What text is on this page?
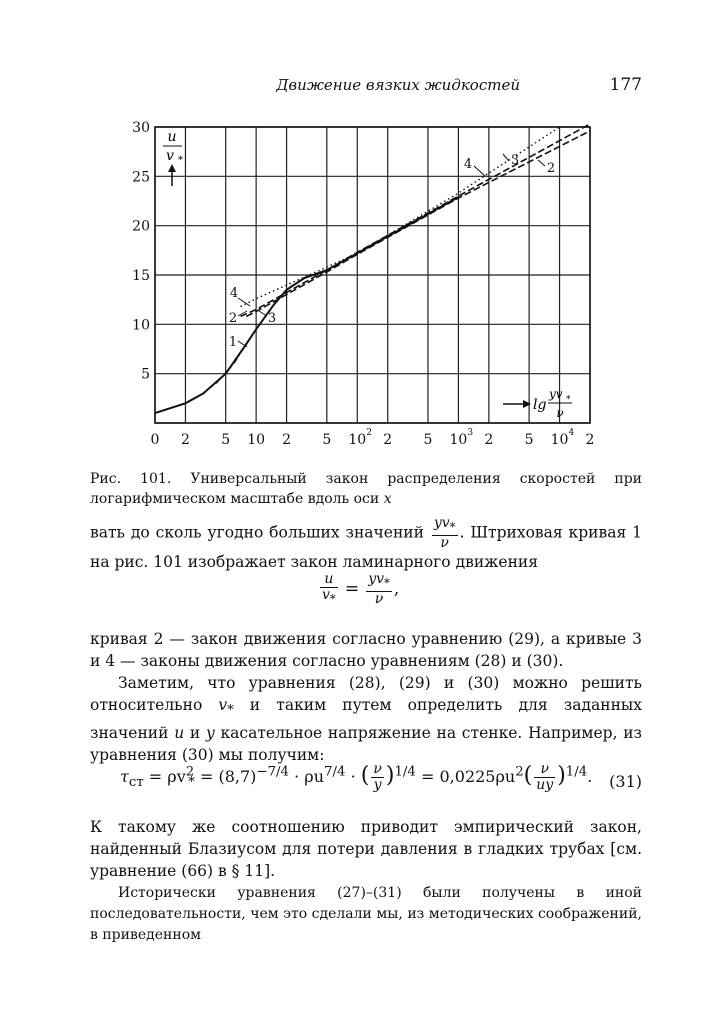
Движение вязких жидкостей	177
0 2 5 10 2 5 10 2 2 5 10 3 2 5 10 4 2
5
10
15
20
25
30
1
2 3
4
4	3
2
u
v *
lg
yv *
ν
Рис. 101. Универсальный закон распределения скоростей при логарифмическом масштабе вдоль оси x
вать до сколь угодно больших значений $\frac{yv_*}{\nu}$ . Штриховая кривая 1 на рис. 101 изображает закон ламинарного движения
$\frac{u}{v_*} = \frac{yv_*}{\nu}$ ,
кривая 2 — закон движения согласно уравнению (29), а кривые 3 и 4 — законы движения согласно уравнениям (28) и (30).
Заметим, что уравнения (28), (29) и (30) можно решить относительно $v_*$ и таким путем определить для заданных значений u и y касательное напряжение на стенке. Например, из уравнения (30) мы получим:
$\tau_{ст} = \rho v^2_* = (8,7)^{-7/4} \cdot \rho u^{7/4}$ · ( $\frac{\nu}{y} )^{1/4} = 0,0225\rho u^2( \frac{\nu}{uy} )^{1/4}$.	(31)
К такому же соотношению приводит эмпирический закон, найденный Блазиусом для потери давления в гладких трубах [см. уравнение (66) в § 11].
Исторически уравнения (27)–(31) были получены в иной последовательности, чем это сделали мы, из методических соображений, в приведенном
